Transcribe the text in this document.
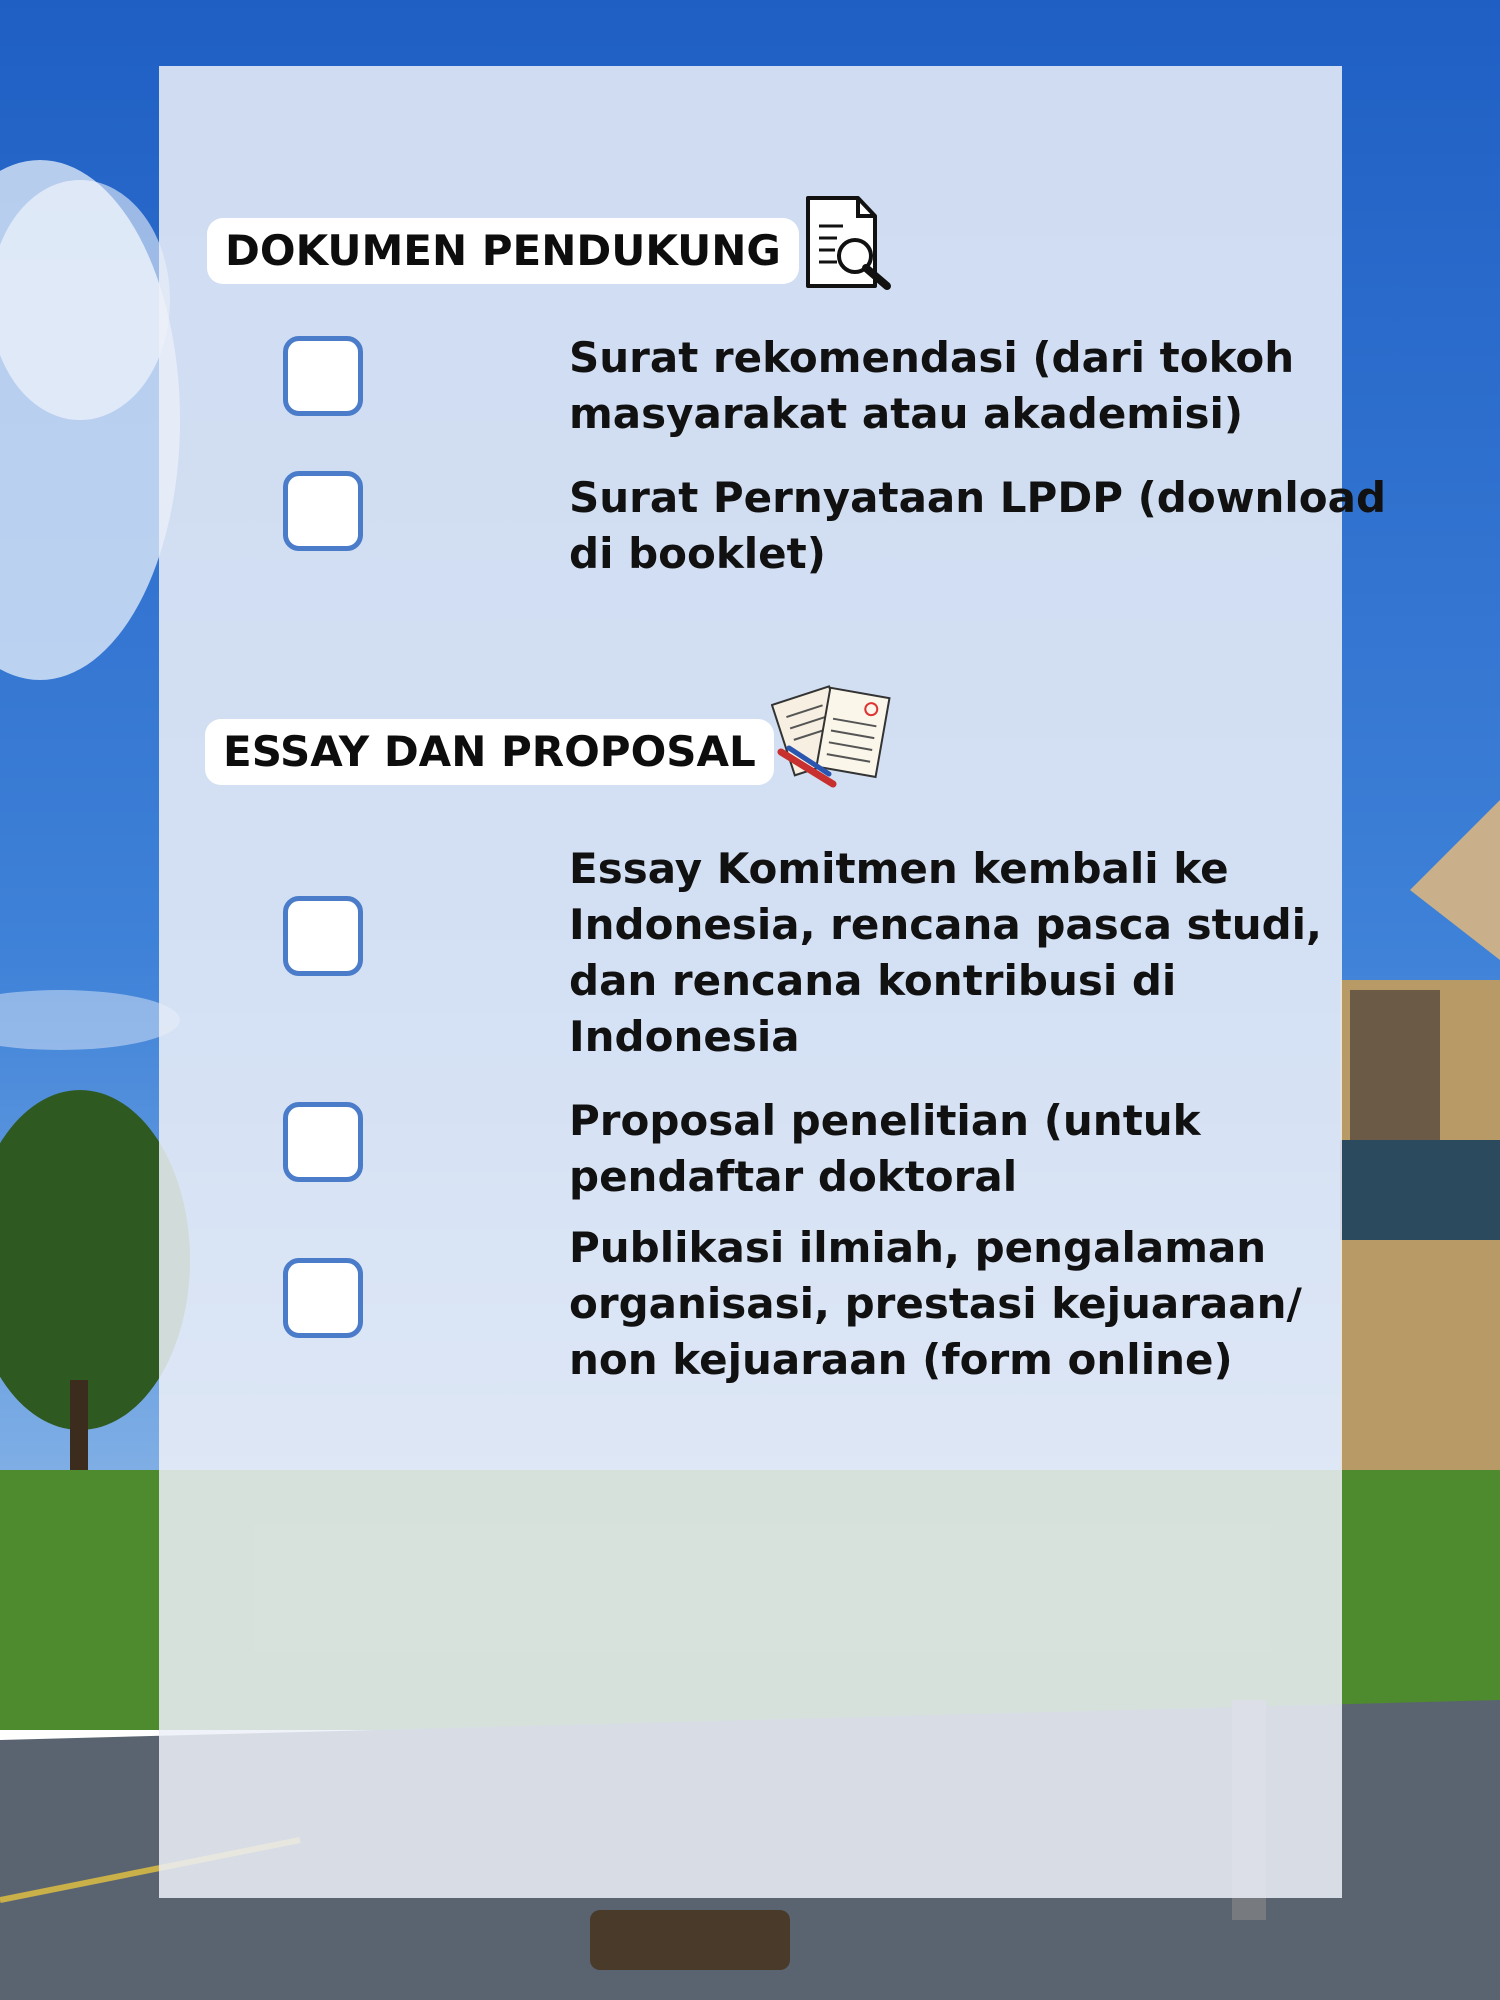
DOKUMEN PENDUKUNG
Surat rekomendasi (dari tokoh masyarakat atau akademisi)
Surat Pernyataan LPDP (download di booklet)
ESSAY DAN PROPOSAL
Essay Komitmen kembali ke Indonesia, rencana pasca studi, dan rencana kontribusi di Indonesia
Proposal penelitian (untuk pendaftar doktoral
Publikasi ilmiah, pengalaman organisasi, prestasi kejuaraan/ non kejuaraan (form online)
